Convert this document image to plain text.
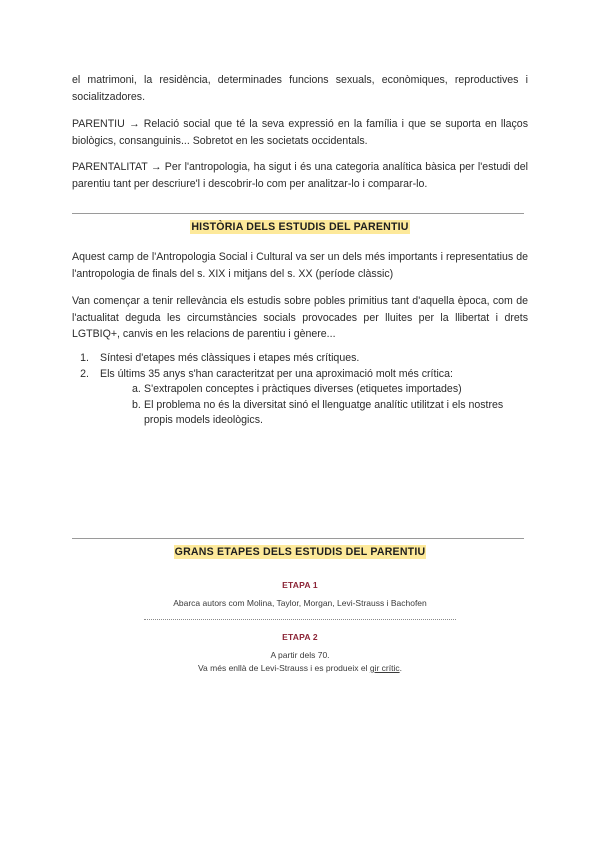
el matrimoni, la residència, determinades funcions sexuals, econòmiques, reproductives i socialitzadores.

PARENTIU → Relació social que té la seva expressió en la família i que se suporta en llaços biològics, consanguinis... Sobretot en les societats occidentals.

PARENTALITAT → Per l'antropologia, ha sigut i és una categoria analítica bàsica per l'estudi del parentiu tant per descriure'l i descobrir-lo com per analitzar-lo i comparar-lo.

HISTÒRIA DELS ESTUDIS DEL PARENTIU

Aquest camp de l'Antropologia Social i Cultural va ser un dels més importants i representatius de l'antropologia de finals del s. XIX i mitjans del s. XX (període clàssic)

Van començar a tenir rellevància els estudis sobre pobles primitius tant d'aquella època, com de l'actualitat deguda les circumstàncies socials provocades per lluites per la llibertat i drets LGTBIQ+, canvis en les relacions de parentiu i gènere...

1. Síntesi d'etapes més clàssiques i etapes més crítiques.
2. Els últims 35 anys s'han caracteritzat per una aproximació molt més crítica:
a. S'extrapolen conceptes i pràctiques diverses (etiquetes importades)
b. El problema no és la diversitat sinó el llenguatge analític utilitzat i els nostres propis models ideològics.
GRANS ETAPES DELS ESTUDIS DEL PARENTIU
ETAPA 1
Abarca autors com Molina, Taylor, Morgan, Levi-Strauss i Bachofen
ETAPA 2
A partir dels 70.
Va més enllà de Levi-Strauss i es produeix el gir crític.
